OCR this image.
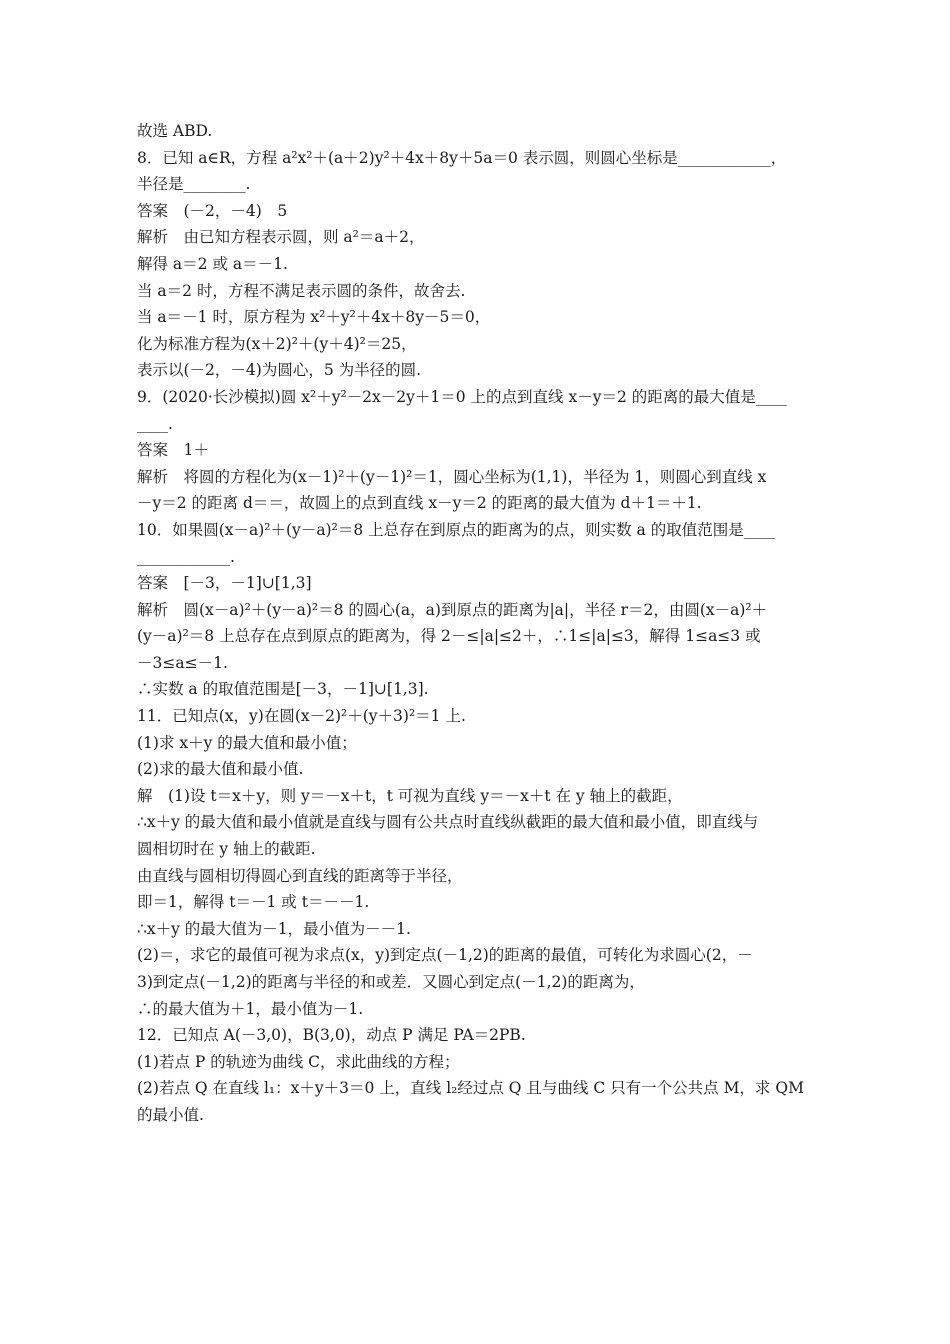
故选 ABD.

8．已知 a∈R，方程 a²x²＋(a＋2)y²＋4x＋8y＋5a＝0 表示圆，则圆心坐标是____________，

半径是________.

答案　(－2，－4)　5

解析　由已知方程表示圆，则 a²＝a＋2，

解得 a＝2 或 a＝－1.

当 a＝2 时，方程不满足表示圆的条件，故舍去.

当 a＝－1 时，原方程为 x²＋y²＋4x＋8y－5＝0，

化为标准方程为(x＋2)²＋(y＋4)²＝25，

表示以(－2，－4)为圆心，5 为半径的圆.

9．(2020·长沙模拟)圆 x²＋y²－2x－2y＋1＝0 上的点到直线 x－y＝2 的距离的最大值是____

____.

答案　1＋

解析　将圆的方程化为(x－1)²＋(y－1)²＝1，圆心坐标为(1,1)，半径为 1，则圆心到直线 x

－y＝2 的距离 d＝＝，故圆上的点到直线 x－y＝2 的距离的最大值为 d＋1＝＋1.

10．如果圆(x－a)²＋(y－a)²＝8 上总存在到原点的距离为的点，则实数 a 的取值范围是____

____________.

答案　[－3，－1]∪[1,3]

解析　圆(x－a)²＋(y－a)²＝8 的圆心(a，a)到原点的距离为|a|，半径 r＝2，由圆(x－a)²＋

(y－a)²＝8 上总存在点到原点的距离为，得 2－≤|a|≤2＋，∴1≤|a|≤3，解得 1≤a≤3 或

－3≤a≤－1.

∴实数 a 的取值范围是[－3，－1]∪[1,3].

11．已知点(x，y)在圆(x－2)²＋(y＋3)²＝1 上.

(1)求 x＋y 的最大值和最小值；

(2)求的最大值和最小值.

解　(1)设 t＝x＋y，则 y＝－x＋t，t 可视为直线 y＝－x＋t 在 y 轴上的截距，

∴x＋y 的最大值和最小值就是直线与圆有公共点时直线纵截距的最大值和最小值，即直线与

圆相切时在 y 轴上的截距.

由直线与圆相切得圆心到直线的距离等于半径，

即＝1，解得 t＝－1 或 t＝－－1.

∴x＋y 的最大值为－1，最小值为－－1.

(2)＝，求它的最值可视为求点(x，y)到定点(－1,2)的距离的最值，可转化为求圆心(2，－

3)到定点(－1,2)的距离与半径的和或差．又圆心到定点(－1,2)的距离为，

∴的最大值为＋1，最小值为－1.

12．已知点 A(－3,0)，B(3,0)，动点 P 满足 PA＝2PB.

(1)若点 P 的轨迹为曲线 C，求此曲线的方程；

(2)若点 Q 在直线 l₁：x＋y＋3＝0 上，直线 l₂经过点 Q 且与曲线 C 只有一个公共点 M，求 QM

的最小值.
